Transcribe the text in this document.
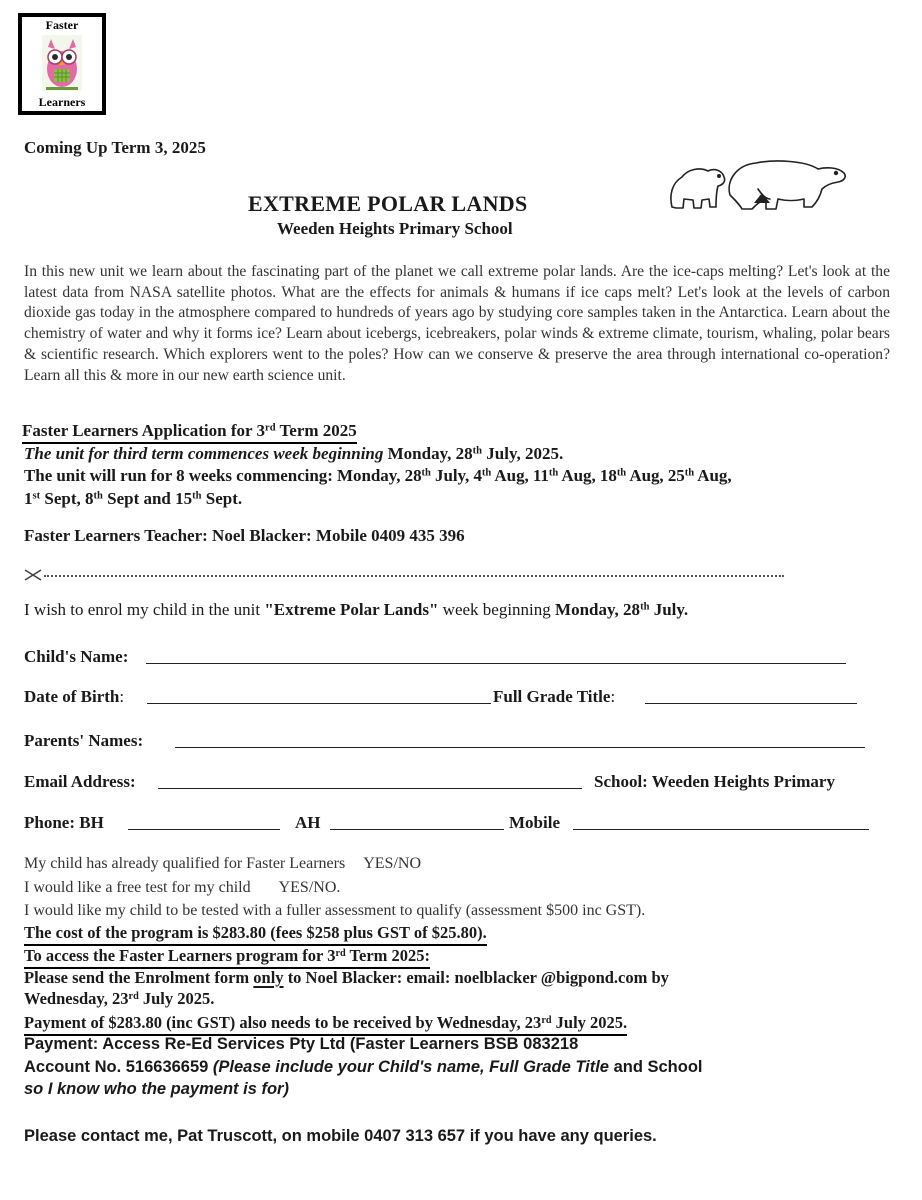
Faster
Learners
Coming Up Term 3, 2025
EXTREME POLAR LANDS
Weeden Heights Primary School
In this new unit we learn about the fascinating part of the planet we call extreme polar lands. Are the ice-caps melting? Let's look at the latest data from NASA satellite photos. What are the effects for animals & humans if ice caps melt? Let's look at the levels of carbon dioxide gas today in the atmosphere compared to hundreds of years ago by studying core samples taken in the Antarctica. Learn about the chemistry of water and why it forms ice? Learn about icebergs, icebreakers, polar winds & extreme climate, tourism, whaling, polar bears & scientific research. Which explorers went to the poles? How can we conserve & preserve the area through international co-operation? Learn all this & more in our new earth science unit.
Faster Learners Application for 3rd Term 2025
The unit for third term commences week beginning Monday, 28th July, 2025.
The unit will run for 8 weeks commencing: Monday, 28th July, 4th Aug, 11th Aug, 18th Aug, 25th Aug,
1st Sept, 8th Sept and 15th Sept.
Faster Learners Teacher: Noel Blacker: Mobile 0409 435 396
I wish to enrol my child in the unit "Extreme Polar Lands" week beginning Monday, 28th July.
Child's Name:
Date of Birth:	Full Grade Title:
Parents' Names:
Email Address:	School: Weeden Heights Primary
Phone: BH	AH	Mobile
My child has already qualified for Faster Learners YES/NO
I would like a free test for my child YES/NO.
I would like my child to be tested with a fuller assessment to qualify (assessment $500 inc GST).
The cost of the program is $283.80 (fees $258 plus GST of $25.80).
To access the Faster Learners program for 3rd Term 2025:
Please send the Enrolment form only to Noel Blacker: email: noelblacker @bigpond.com by
Wednesday, 23rd July 2025.
Payment of $283.80 (inc GST) also needs to be received by Wednesday, 23rd July 2025.
Payment: Access Re-Ed Services Pty Ltd (Faster Learners BSB 083218
Account No. 516636659 (Please include your Child's name, Full Grade Title and School
so I know who the payment is for)
Please contact me, Pat Truscott, on mobile 0407 313 657 if you have any queries.
